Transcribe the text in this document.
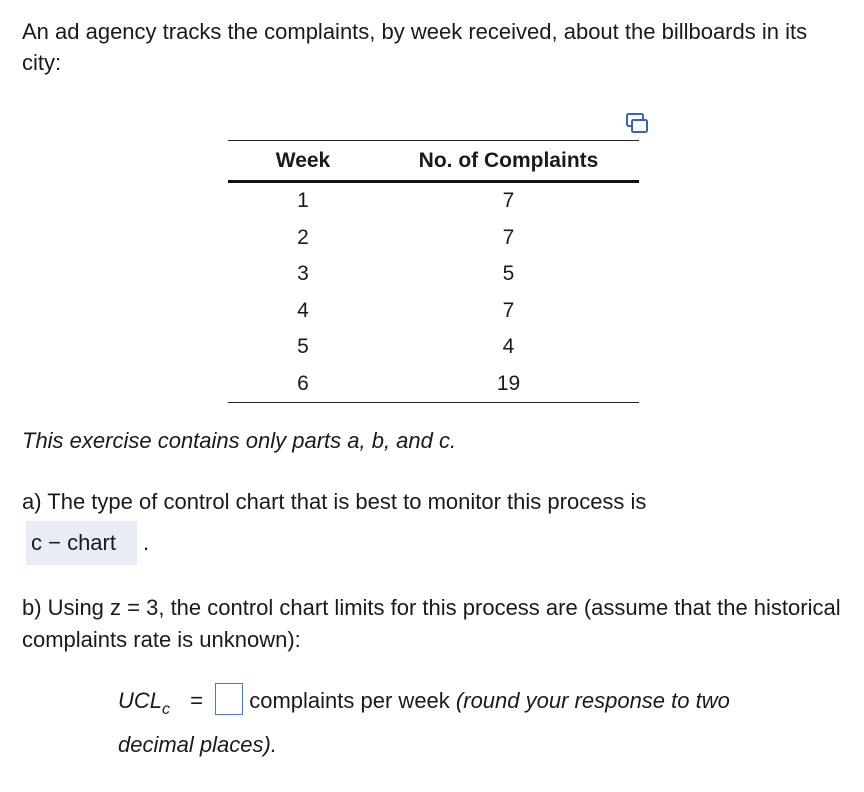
An ad agency tracks the complaints, by week received, about the billboards in its city:

Week	No. of Complaints
1	7
2	7
3	5
4	7
5	4
6	19

This exercise contains only parts a, b, and c.

a) The type of control chart that is best to monitor this process is

c − chart	.

b) Using z = 3, the control chart limits for this process are (assume that the historical complaints rate is unknown):

$UCL_c$ = complaints per week (round your response to two
decimal places).
